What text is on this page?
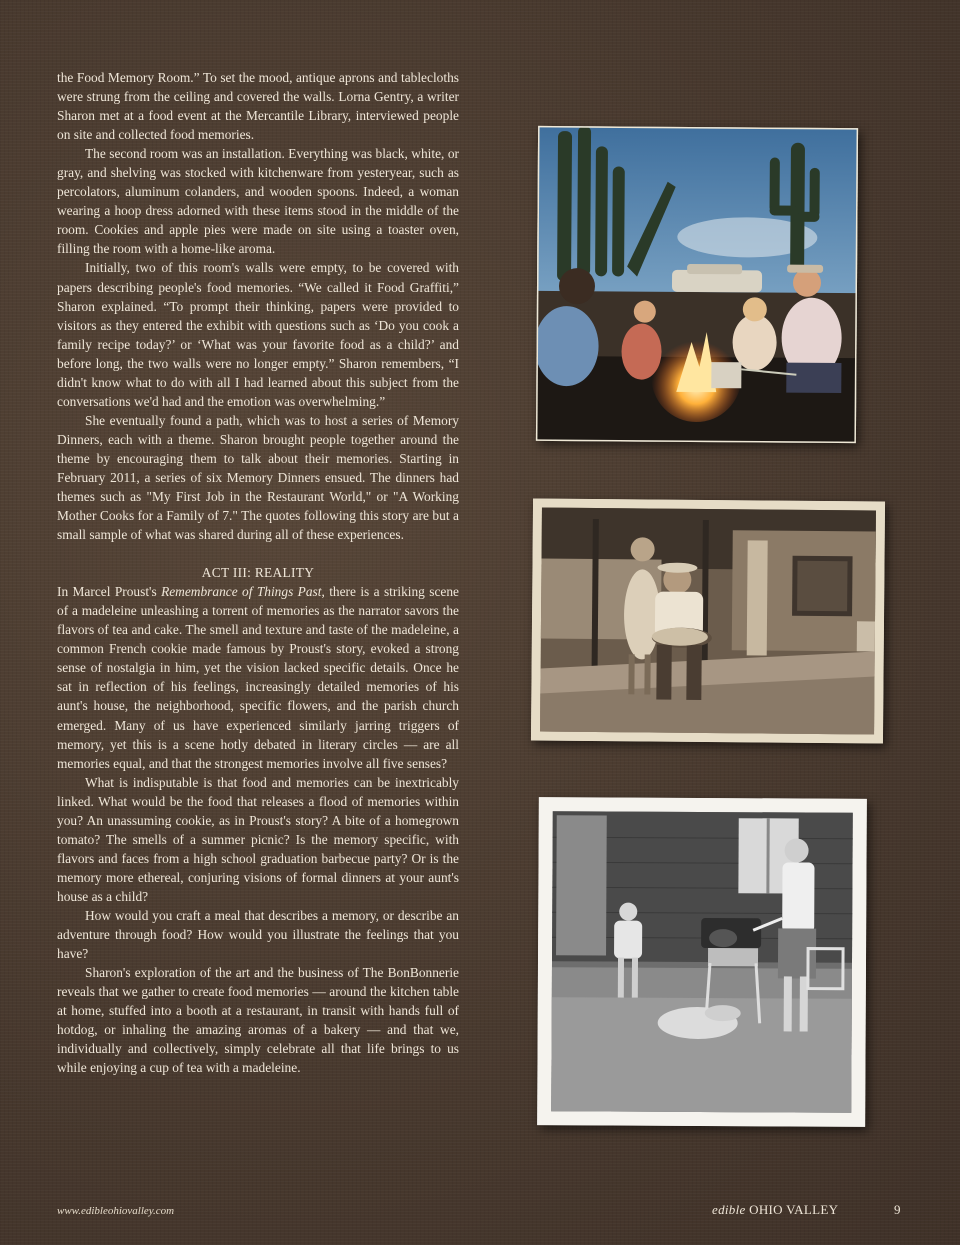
the Food Memory Room.” To set the mood, antique aprons and tablecloths were strung from the ceiling and covered the walls. Lorna Gentry, a writer Sharon met at a food event at the Mercantile Library, interviewed people on site and collected food memories.

The second room was an installation. Everything was black, white, or gray, and shelving was stocked with kitchenware from yesteryear, such as percolators, aluminum colanders, and wooden spoons. Indeed, a woman wearing a hoop dress adorned with these items stood in the middle of the room. Cookies and apple pies were made on site using a toaster oven, filling the room with a home-like aroma.

Initially, two of this room's walls were empty, to be covered with papers describing people's food memories. “We called it Food Graffiti,” Sharon explained. “To prompt their thinking, papers were provided to visitors as they entered the exhibit with questions such as ‘Do you cook a family recipe today?’ or ‘What was your favorite food as a child?’ and before long, the two walls were no longer empty.” Sharon remembers, “I didn't know what to do with all I had learned about this subject from the conversations we'd had and the emotion was overwhelming.”

She eventually found a path, which was to host a series of Memory Dinners, each with a theme. Sharon brought people together around the theme by encouraging them to talk about their memories. Starting in February 2011, a series of six Memory Dinners ensued. The dinners had themes such as "My First Job in the Restaurant World," or "A Working Mother Cooks for a Family of 7." The quotes following this story are but a small sample of what was shared during all of these experiences.

ACT III: REALITY

In Marcel Proust's Remembrance of Things Past, there is a striking scene of a madeleine unleashing a torrent of memories as the narrator savors the flavors of tea and cake. The smell and texture and taste of the madeleine, a common French cookie made famous by Proust's story, evoked a strong sense of nostalgia in him, yet the vision lacked specific details. Once he sat in reflection of his feelings, increasingly detailed memories of his aunt's house, the neighborhood, specific flowers, and the parish church emerged. Many of us have experienced similarly jarring triggers of memory, yet this is a scene hotly debated in literary circles — are all memories equal, and that the strongest memories involve all five senses?

What is indisputable is that food and memories can be inextricably linked. What would be the food that releases a flood of memories within you? An unassuming cookie, as in Proust's story? A bite of a homegrown tomato? The smells of a summer picnic? Is the memory specific, with flavors and faces from a high school graduation barbecue party? Or is the memory more ethereal, conjuring visions of formal dinners at your aunt's house as a child?

How would you craft a meal that describes a memory, or describe an adventure through food? How would you illustrate the feelings that you have?

Sharon's exploration of the art and the business of The BonBonnerie reveals that we gather to create food memories — around the kitchen table at home, stuffed into a booth at a restaurant, in transit with hands full of hotdog, or inhaling the amazing aromas of a bakery — and that we, individually and collectively, simply celebrate all that life brings to us while enjoying a cup of tea with a madeleine.

www.edibleohiovalley.com	edible OHIO VALLEY	9
